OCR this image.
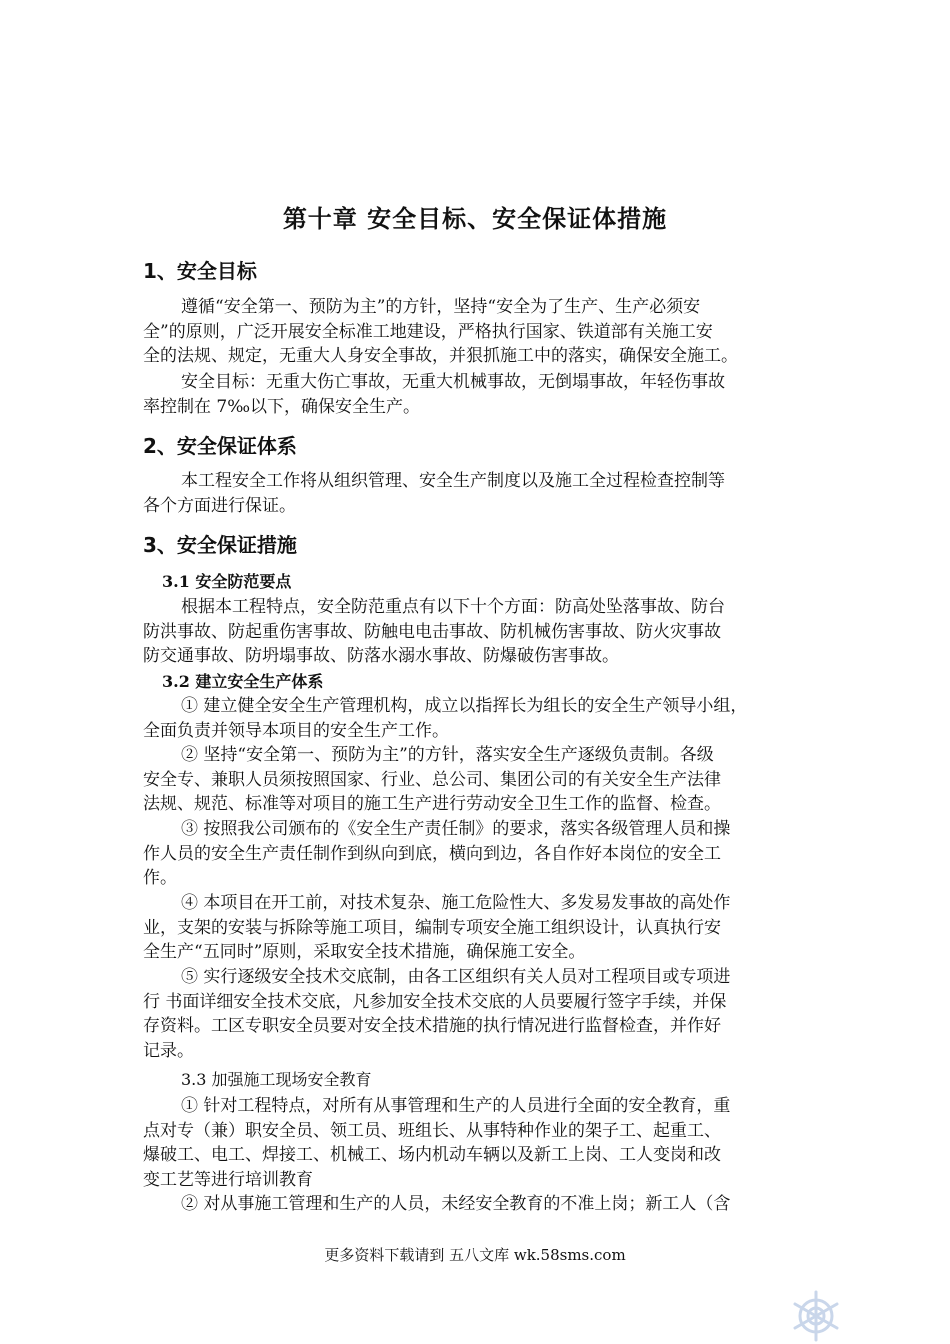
第十章 安全目标、安全保证体措施
1、安全目标
遵循“安全第一、预防为主”的方针，坚持“安全为了生产、生产必须安
全”的原则，广泛开展安全标准工地建设，严格执行国家、铁道部有关施工安
全的法规、规定，无重大人身安全事故，并狠抓施工中的落实，确保安全施工。
安全目标：无重大伤亡事故，无重大机械事故，无倒塌事故，年轻伤事故
率控制在 7‰以下，确保安全生产。
2、安全保证体系
本工程安全工作将从组织管理、安全生产制度以及施工全过程检查控制等
各个方面进行保证。
3、安全保证措施
3.1 安全防范要点
根据本工程特点，安全防范重点有以下十个方面：防高处坠落事故、防台
防洪事故、防起重伤害事故、防触电电击事故、防机械伤害事故、防火灾事故
防交通事故、防坍塌事故、防落水溺水事故、防爆破伤害事故。
3.2 建立安全生产体系
① 建立健全安全生产管理机构，成立以指挥长为组长的安全生产领导小组，
全面负责并领导本项目的安全生产工作。
② 坚持“安全第一、预防为主”的方针，落实安全生产逐级负责制。各级
安全专、兼职人员须按照国家、行业、总公司、集团公司的有关安全生产法律
法规、规范、标准等对项目的施工生产进行劳动安全卫生工作的监督、检查。
③ 按照我公司颁布的《安全生产责任制》的要求，落实各级管理人员和操
作人员的安全生产责任制作到纵向到底，横向到边，各自作好本岗位的安全工
作。
④ 本项目在开工前，对技术复杂、施工危险性大、多发易发事故的高处作
业，支架的安装与拆除等施工项目，编制专项安全施工组织设计，认真执行安
全生产“五同时”原则，采取安全技术措施，确保施工安全。
⑤ 实行逐级安全技术交底制，由各工区组织有关人员对工程项目或专项进
行 书面详细安全技术交底，凡参加安全技术交底的人员要履行签字手续，并保
存资料。工区专职安全员要对安全技术措施的执行情况进行监督检查，并作好
记录。
3.3 加强施工现场安全教育
① 针对工程特点，对所有从事管理和生产的人员进行全面的安全教育，重
点对专（兼）职安全员、领工员、班组长、从事特种作业的架子工、起重工、
爆破工、电工、焊接工、机械工、场内机动车辆以及新工上岗、工人变岗和改
变工艺等进行培训教育
② 对从事施工管理和生产的人员，未经安全教育的不准上岗；新工人（含
更多资料下载请到 五八文库 wk.58sms.com
